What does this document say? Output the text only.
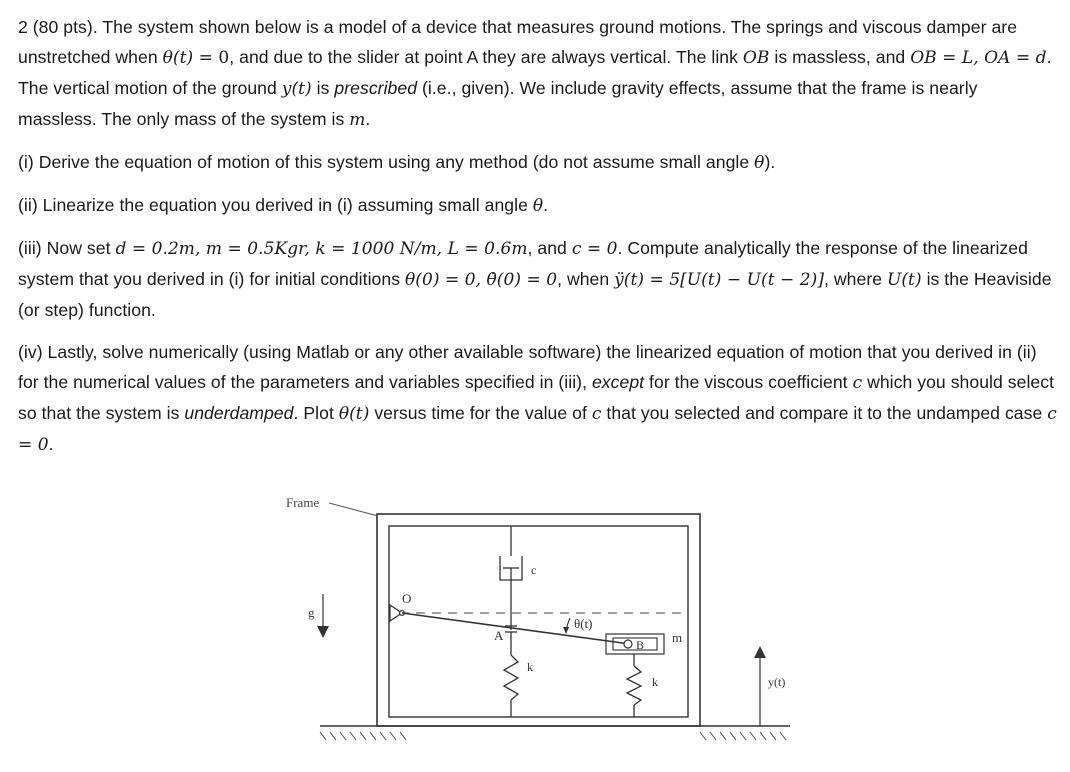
2 (80 pts). The system shown below is a model of a device that measures ground motions. The springs and viscous damper are unstretched when θ(t) = 0, and due to the slider at point A they are always vertical. The link OB is massless, and OB = L, OA = d. The vertical motion of the ground y(t) is prescribed (i.e., given). We include gravity effects, assume that the frame is nearly massless. The only mass of the system is m.

(i) Derive the equation of motion of this system using any method (do not assume small angle θ).

(ii) Linearize the equation you derived in (i) assuming small angle θ.

(iii) Now set d = 0.2m, m = 0.5Kgr, k = 1000 N/m, L = 0.6m, and c = 0. Compute analytically the response of the linearized system that you derived in (i) for initial conditions θ(0) = 0, θ̇(0) = 0, when ÿ(t) = 5[U(t) − U(t − 2)], where U(t) is the Heaviside (or step) function.

(iv) Lastly, solve numerically (using Matlab or any other available software) the linearized equation of motion that you derived in (ii) for the numerical values of the parameters and variables specified in (iii), except for the viscous coefficient c which you should select so that the system is underdamped. Plot θ(t) versus time for the value of c that you selected and compare it to the undamped case c = 0.

Frame
g
O
c
A
k
θ(t)
B m
k	y(t)
